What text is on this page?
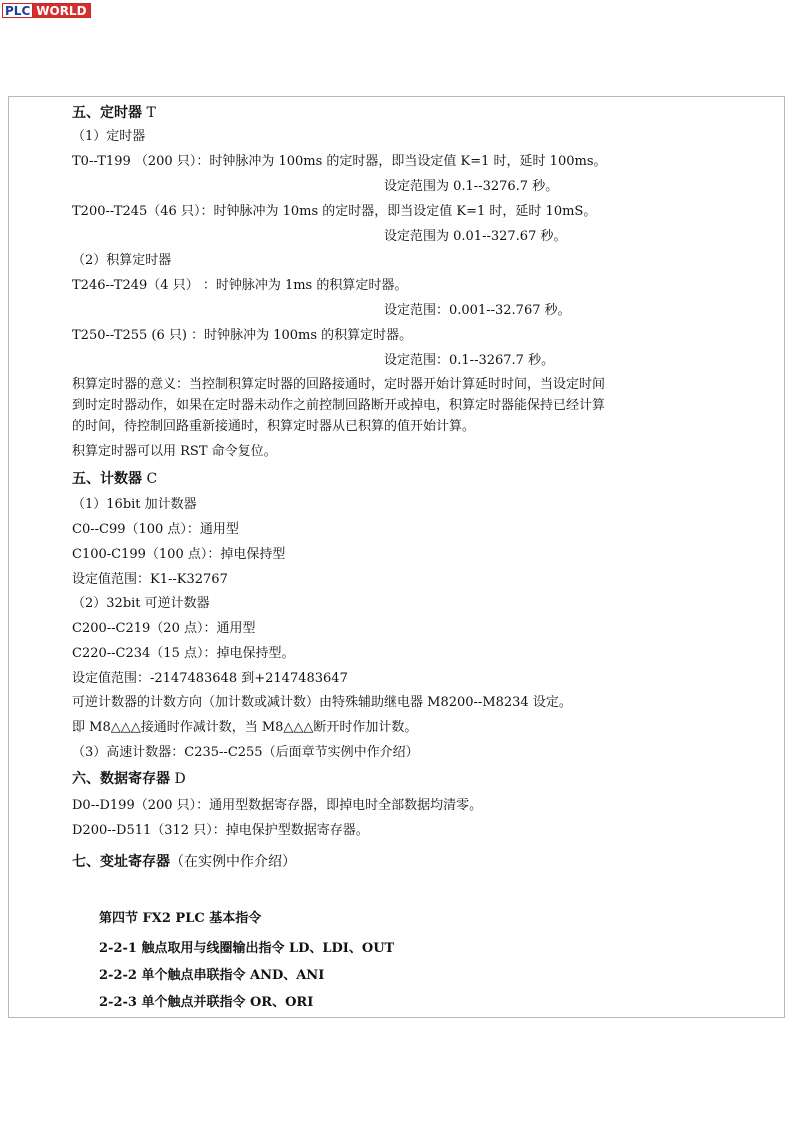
PLC WORLD
五、定时器 T
（1）定时器
T0--T199 （200 只）：时钟脉冲为 100ms 的定时器，即当设定值 K=1 时，延时 100ms。
设定范围为 0.1--3276.7 秒。
T200--T245（46 只）：时钟脉冲为 10ms 的定时器，即当设定值 K=1 时，延时 10mS。
设定范围为 0.01--327.67 秒。
（2）积算定时器
T246--T249（4 只） ：时钟脉冲为 1ms 的积算定时器。
设定范围：0.001--32.767 秒。
T250--T255 (6 只) ：时钟脉冲为 100ms 的积算定时器。
设定范围：0.1--3267.7 秒。
积算定时器的意义：当控制积算定时器的回路接通时，定时器开始计算延时时间，当设定时间
到时定时器动作，如果在定时器未动作之前控制回路断开或掉电，积算定时器能保持已经计算
的时间，待控制回路重新接通时，积算定时器从已积算的值开始计算。
积算定时器可以用 RST 命令复位。
五、计数器 C
（1）16bit 加计数器
C0--C99（100 点）：通用型
C100-C199（100 点）：掉电保持型
设定值范围：K1--K32767
（2）32bit 可逆计数器
C200--C219（20 点）：通用型
C220--C234（15 点）：掉电保持型。
设定值范围：-2147483648 到+2147483647
可逆计数器的计数方向（加计数或减计数）由特殊辅助继电器 M8200--M8234 设定。
即 M8△△△接通时作减计数，当 M8△△△断开时作加计数。
（3）高速计数器：C235--C255（后面章节实例中作介绍）
六、数据寄存器 D
D0--D199（200 只）：通用型数据寄存器，即掉电时全部数据均清零。
D200--D511（312 只）：掉电保护型数据寄存器。
七、变址寄存器（在实例中作介绍）
第四节 FX2 PLC 基本指令
2-2-1 触点取用与线圈输出指令 LD、LDI、OUT
2-2-2 单个触点串联指令 AND、ANI
2-2-3 单个触点并联指令 OR、ORI
